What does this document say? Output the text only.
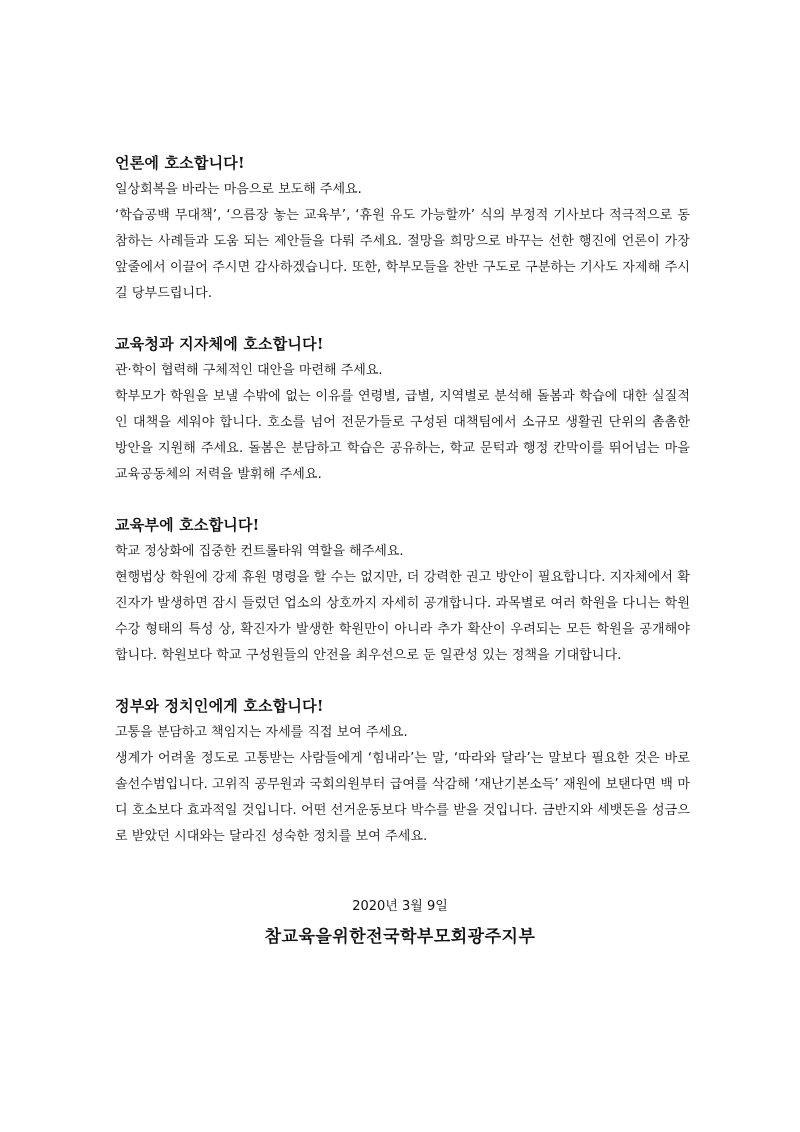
언론에 호소합니다!

일상회복을 바라는 마음으로 보도해 주세요.

‘학습공백 무대책’, ‘으름장 놓는 교육부’, ‘휴원 유도 가능할까’ 식의 부정적 기사보다 적극적으로 동참하는 사례들과 도움 되는 제안들을 다뤄 주세요. 절망을 희망으로 바꾸는 선한 행진에 언론이 가장 앞줄에서 이끌어 주시면 감사하겠습니다. 또한, 학부모들을 찬반 구도로 구분하는 기사도 자제해 주시길 당부드립니다.

교육청과 지자체에 호소합니다!

관·학이 협력해 구체적인 대안을 마련해 주세요.

학부모가 학원을 보낼 수밖에 없는 이유를 연령별, 급별, 지역별로 분석해 돌봄과 학습에 대한 실질적인 대책을 세워야 합니다. 호소를 넘어 전문가들로 구성된 대책팀에서 소규모 생활권 단위의 촘촘한 방안을 지원해 주세요. 돌봄은 분담하고 학습은 공유하는, 학교 문턱과 행정 칸막이를 뛰어넘는 마을교육공동체의 저력을 발휘해 주세요.

교육부에 호소합니다!

학교 정상화에 집중한 컨트롤타워 역할을 해주세요.

현행법상 학원에 강제 휴원 명령을 할 수는 없지만, 더 강력한 권고 방안이 필요합니다. 지자체에서 확진자가 발생하면 잠시 들렀던 업소의 상호까지 자세히 공개합니다. 과목별로 여러 학원을 다니는 학원 수강 형태의 특성 상, 확진자가 발생한 학원만이 아니라 추가 확산이 우려되는 모든 학원을 공개해야 합니다. 학원보다 학교 구성원들의 안전을 최우선으로 둔 일관성 있는 정책을 기대합니다.

정부와 정치인에게 호소합니다!

고통을 분담하고 책임지는 자세를 직접 보여 주세요.

생계가 어려울 정도로 고통받는 사람들에게 ‘힘내라’는 말, ‘따라와 달라’는 말보다 필요한 것은 바로 솔선수범입니다. 고위직 공무원과 국회의원부터 급여를 삭감해 ‘재난기본소득’ 재원에 보탠다면 백 마디 호소보다 효과적일 것입니다. 어떤 선거운동보다 박수를 받을 것입니다. 금반지와 세뱃돈을 성금으로 받았던 시대와는 달라진 성숙한 정치를 보여 주세요.

2020년 3월 9일
참교육을위한전국학부모회광주지부
